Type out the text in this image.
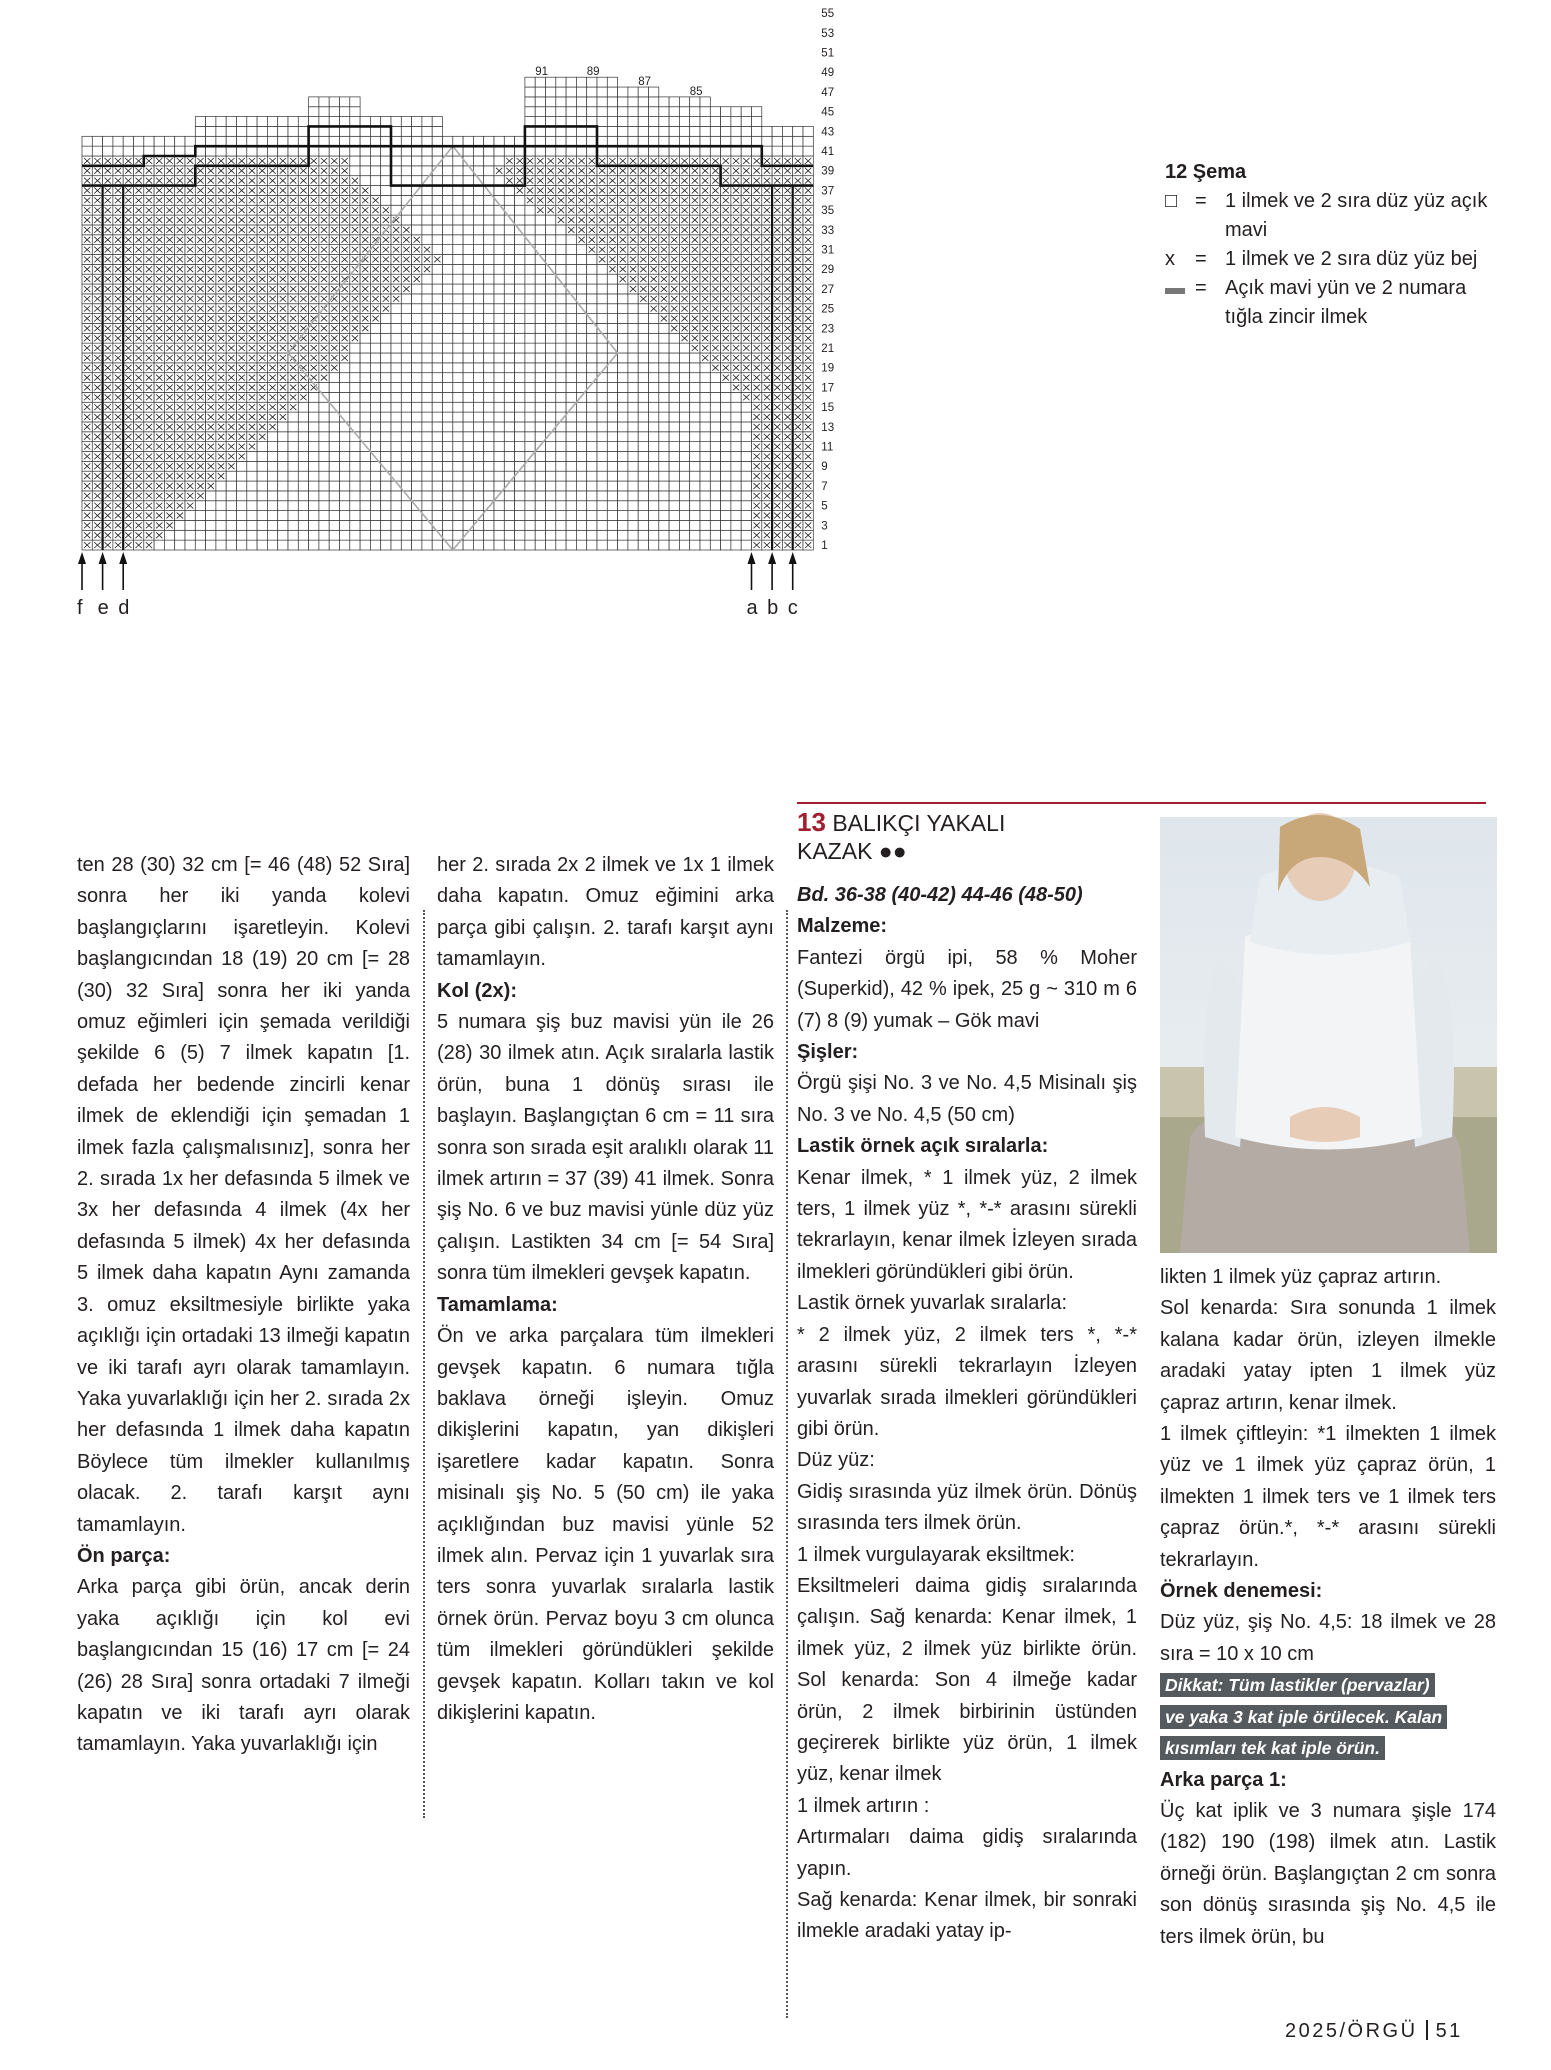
1
3
5
7
9
11
13
15
17
19
21
23
25
27
29
31
33
35
37
39
41
43
45
47
49
51
53
55
91	89
87
85
f e d	a b c
12 Şema
□ = 1 ilmek ve 2 sıra düz yüz açık mavi
x	= 1 ilmek ve 2 sıra düz yüz bej
▬ = Açık mavi yün ve 2 numara tığla zincir ilmek

ten 28 (30) 32 cm [= 46 (48) 52 Sıra] sonra her iki yanda kolevi başlangıçlarını işaretleyin. Kolevi başlangıcından 18 (19) 20 cm [= 28 (30) 32 Sıra] sonra her iki yanda omuz eğimleri için şemada verildiği şekilde 6 (5) 7 ilmek kapatın [1. defada her bedende zincirli kenar ilmek de eklendiği için şemadan 1 ilmek fazla çalışmalısınız], sonra her 2. sırada 1x her defasında 5 ilmek ve 3x her defasında 4 ilmek (4x her defasında 5 ilmek) 4x her defasında 5 ilmek daha kapatın Aynı zamanda 3. omuz eksiltmesiyle birlikte yaka açıklığı için ortadaki 13 ilmeği kapatın ve iki tarafı ayrı olarak tamamlayın. Yaka yuvarlaklığı için her 2. sırada 2x her defasında 1 ilmek daha kapatın Böylece tüm ilmekler kullanılmış olacak. 2. tarafı karşıt aynı tamamlayın.

Ön parça:

Arka parça gibi örün, ancak derin yaka açıklığı için kol evi başlangıcından 15 (16) 17 cm [= 24 (26) 28 Sıra] sonra ortadaki 7 ilmeği kapatın ve iki tarafı ayrı olarak tamamlayın. Yaka yuvarlaklığı için

her 2. sırada 2x 2 ilmek ve 1x 1 ilmek daha kapatın. Omuz eğimini arka parça gibi çalışın. 2. tarafı karşıt aynı tamamlayın.

Kol (2x):

5 numara şiş buz mavisi yün ile 26 (28) 30 ilmek atın. Açık sıralarla lastik örün, buna 1 dönüş sırası ile başlayın. Başlangıçtan 6 cm = 11 sıra sonra son sırada eşit aralıklı olarak 11 ilmek artırın = 37 (39) 41 ilmek. Sonra şiş No. 6 ve buz mavisi yünle düz yüz çalışın. Lastikten 34 cm [= 54 Sıra] sonra tüm ilmekleri gevşek kapatın.

Tamamlama:

Ön ve arka parçalara tüm ilmekleri gevşek kapatın. 6 numara tığla baklava örneği işleyin. Omuz dikişlerini kapatın, yan dikişleri işaretlere kadar kapatın. Sonra misinalı şiş No. 5 (50 cm) ile yaka açıklığından buz mavisi yünle 52 ilmek alın. Pervaz için 1 yuvarlak sıra ters sonra yuvarlak sıralarla lastik örnek örün. Pervaz boyu 3 cm olunca tüm ilmekleri göründükleri şekilde gevşek kapatın. Kolları takın ve kol dikişlerini kapatın.

13 BALIKÇI YAKALI
KAZAK ●●

Bd. 36-38 (40-42) 44-46 (48-50)

Malzeme:

Fantezi örgü ipi, 58 % Moher (Superkid), 42 % ipek, 25 g ~ 310 m 6 (7) 8 (9) yumak – Gök mavi

Şişler:

Örgü şişi No. 3 ve No. 4,5 Misinalı şiş No. 3 ve No. 4,5 (50 cm)

Lastik örnek açık sıralarla:

Kenar ilmek, * 1 ilmek yüz, 2 ilmek ters, 1 ilmek yüz *, *-* arasını sürekli tekrarlayın, kenar ilmek İzleyen sırada ilmekleri göründükleri gibi örün.

Lastik örnek yuvarlak sıralarla:

* 2 ilmek yüz, 2 ilmek ters *, *-* arasını sürekli tekrarlayın İzleyen yuvarlak sırada ilmekleri göründükleri gibi örün.

Düz yüz:

Gidiş sırasında yüz ilmek örün. Dönüş sırasında ters ilmek örün.

1 ilmek vurgulayarak eksiltmek:

Eksiltmeleri daima gidiş sıralarında çalışın. Sağ kenarda: Kenar ilmek, 1 ilmek yüz, 2 ilmek yüz birlikte örün. Sol kenarda: Son 4 ilmeğe kadar örün, 2 ilmek birbirinin üstünden geçirerek birlikte yüz örün, 1 ilmek yüz, kenar ilmek

1 ilmek artırın :

Artırmaları daima gidiş sıralarında yapın.

Sağ kenarda: Kenar ilmek, bir sonraki ilmekle aradaki yatay ip-

likten 1 ilmek yüz çapraz artırın.

Sol kenarda: Sıra sonunda 1 ilmek kalana kadar örün, izleyen ilmekle aradaki yatay ipten 1 ilmek yüz çapraz artırın, kenar ilmek.

1 ilmek çiftleyin: *1 ilmekten 1 ilmek yüz ve 1 ilmek yüz çapraz örün, 1 ilmekten 1 ilmek ters ve 1 ilmek ters çapraz örün.*, *-* arasını sürekli tekrarlayın.

Örnek denemesi:

Düz yüz, şiş No. 4,5: 18 ilmek ve 28 sıra = 10 x 10 cm

Dikkat: Tüm lastikler (pervazlar)
ve yaka 3 kat iple örülecek. Kalan
kısımları tek kat iple örün.

Arka parça 1:

Üç kat iplik ve 3 numara şişle 174 (182) 190 (198) ilmek atın. Lastik örneği örün. Başlangıçtan 2 cm sonra son dönüş sırasında şiş No. 4,5 ile ters ilmek örün, bu

2025/ÖRGÜ 51
